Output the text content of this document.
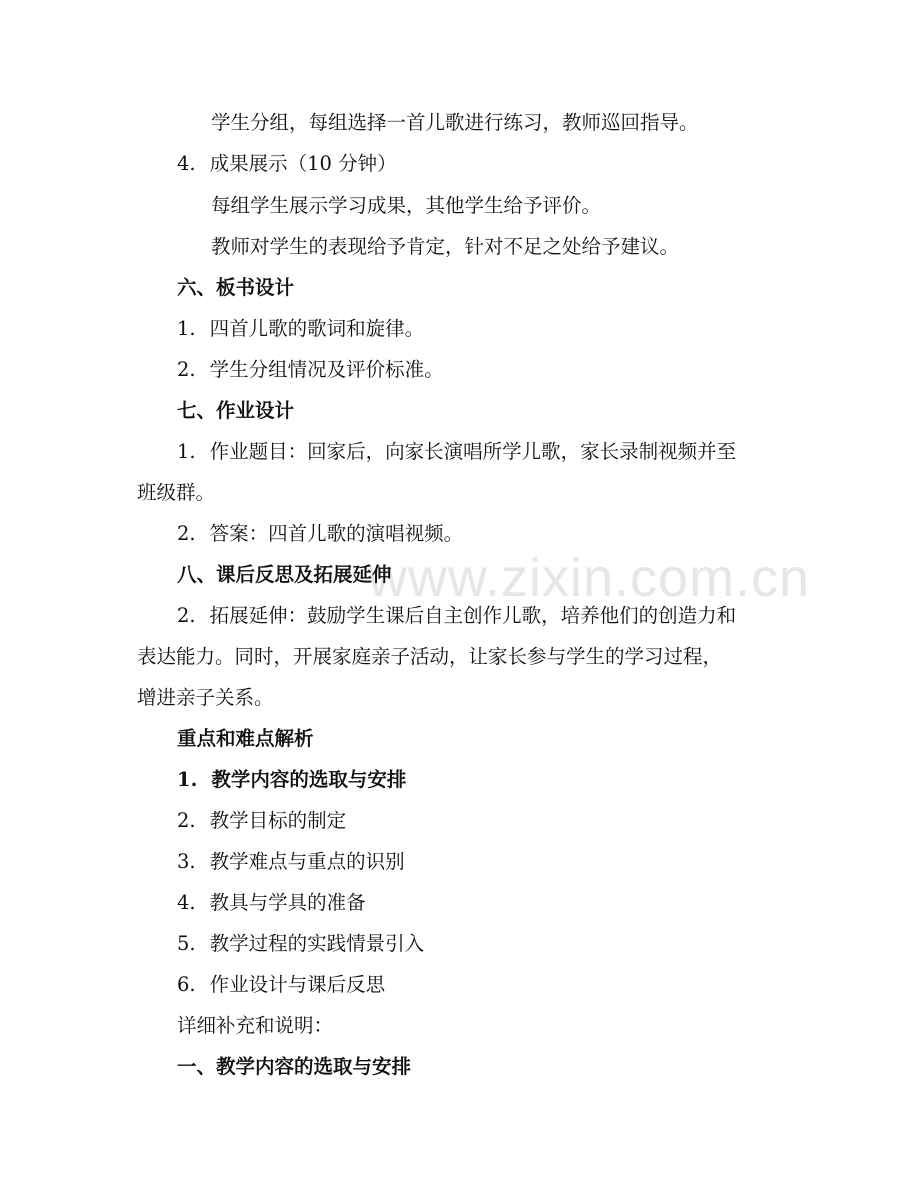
www.zixin.com.cn
学生分组，每组选择一首儿歌进行练习，教师巡回指导。
4. 成果展示（10 分钟）
每组学生展示学习成果，其他学生给予评价。
教师对学生的表现给予肯定，针对不足之处给予建议。
六、板书设计
1. 四首儿歌的歌词和旋律。
2. 学生分组情况及评价标准。
七、作业设计
1. 作业题目：回家后，向家长演唱所学儿歌，家长录制视频并至
班级群。
2. 答案：四首儿歌的演唱视频。
八、课后反思及拓展延伸
2. 拓展延伸：鼓励学生课后自主创作儿歌，培养他们的创造力和
表达能力。同时，开展家庭亲子活动，让家长参与学生的学习过程，
增进亲子关系。
重点和难点解析
1. 教学内容的选取与安排
2. 教学目标的制定
3. 教学难点与重点的识别
4. 教具与学具的准备
5. 教学过程的实践情景引入
6. 作业设计与课后反思
详细补充和说明：
一、教学内容的选取与安排
